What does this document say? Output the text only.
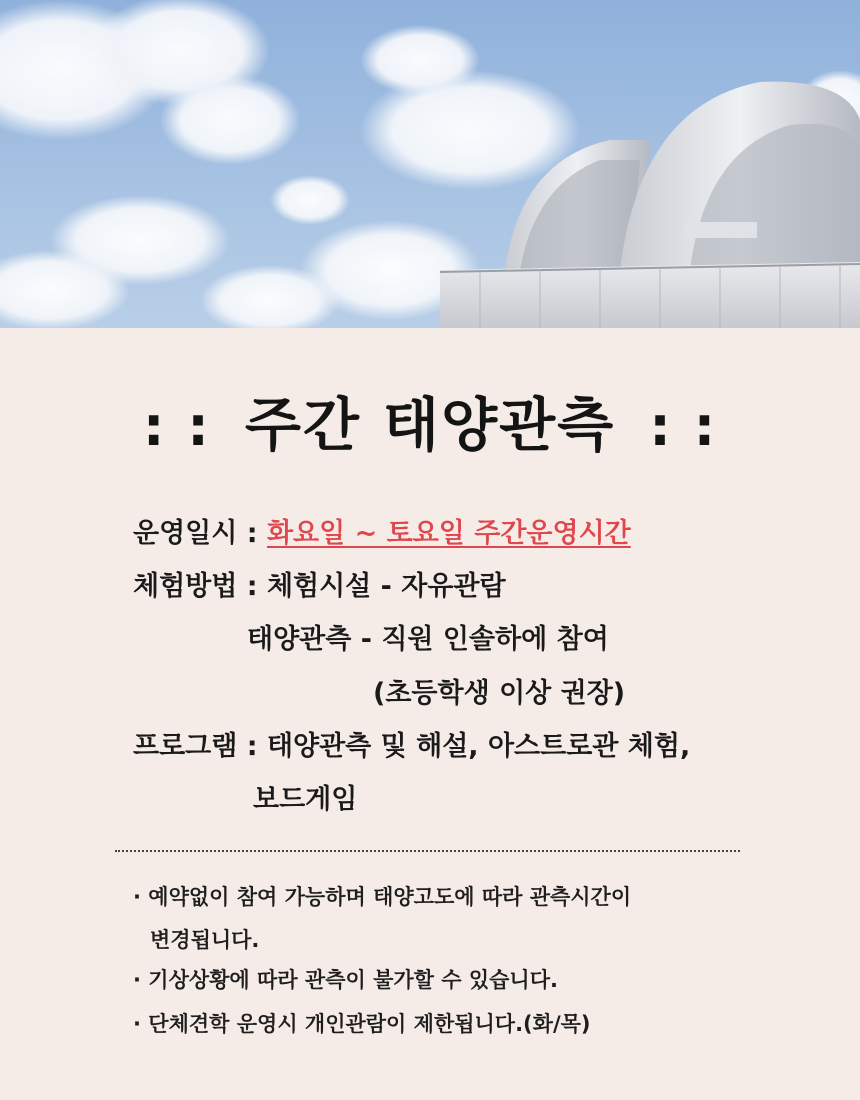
: : 주간 태양관측 : :
운영일시 : 화요일 ~ 토요일 주간운영시간
체험방법 : 체험시설 - 자유관람
태양관측 - 직원 인솔하에 참여
(초등학생 이상 권장)
프로그램 : 태양관측 및 해설, 아스트로관 체험,
보드게임
· 예약없이 참여 가능하며 태양고도에 따라 관측시간이
변경됩니다.
· 기상상황에 따라 관측이 불가할 수 있습니다.
· 단체견학 운영시 개인관람이 제한됩니다.(화/목)
